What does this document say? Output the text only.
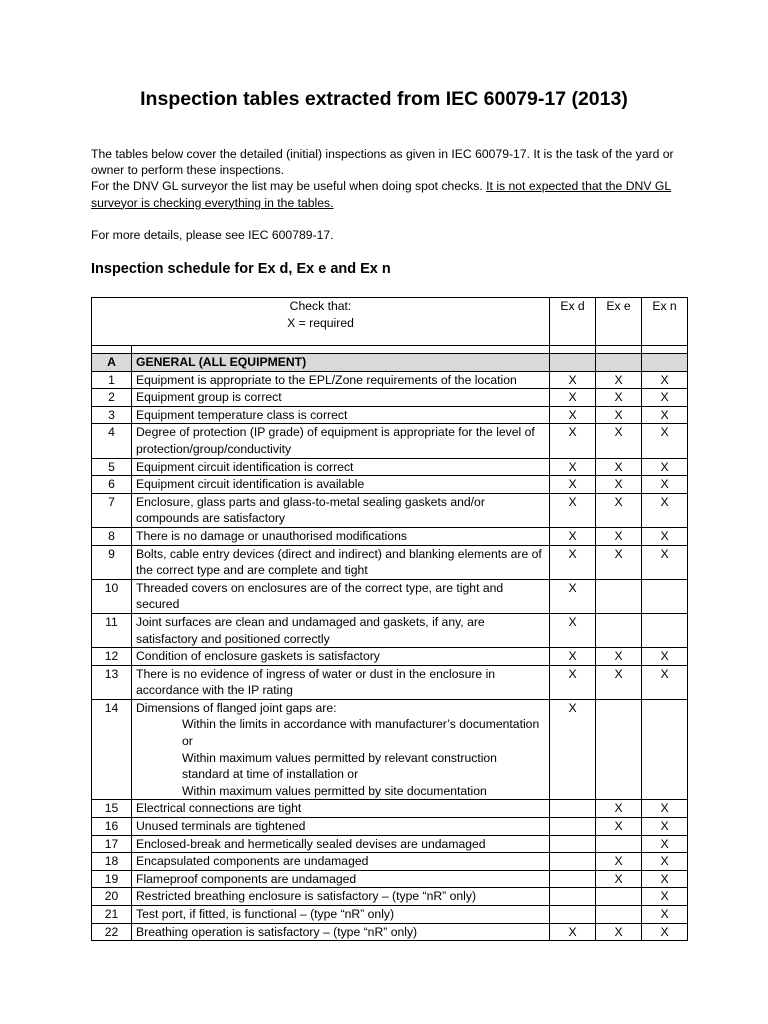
Inspection tables extracted from IEC 60079-17 (2013)

The tables below cover the detailed (initial) inspections as given in IEC 60079-17. It is the task of the yard or owner to perform these inspections.

For the DNV GL surveyor the list may be useful when doing spot checks. It is not expected that the DNV GL surveyor is checking everything in the tables.

For more details, please see IEC 600789-17.

Inspection schedule for Ex d, Ex e and Ex n
Check that:
X = required		Ex d	Ex e	Ex n

A	GENERAL (ALL EQUIPMENT)			
1	Equipment is appropriate to the EPL/Zone requirements of the location	X	X	X
2	Equipment group is correct	X	X	X
3	Equipment temperature class is correct	X	X	X
4	Degree of protection (IP grade) of equipment is appropriate for the level of protection/group/conductivity	X	X	X
5	Equipment circuit identification is correct	X	X	X
6	Equipment circuit identification is available	X	X	X
7	Enclosure, glass parts and glass-to-metal sealing gaskets and/or compounds are satisfactory	X	X	X
8	There is no damage or unauthorised modifications	X	X	X
9	Bolts, cable entry devices (direct and indirect) and blanking elements are of the correct type and are complete and tight	X	X	X
10	Threaded covers on enclosures are of the correct type, are tight and secured	X		
11	Joint surfaces are clean and undamaged and gaskets, if any, are satisfactory and positioned correctly	X		
12	Condition of enclosure gaskets is satisfactory	X	X	X
13	There is no evidence of ingress of water or dust in the enclosure in accordance with the IP rating	X	X	X
14	Dimensions of flanged joint gaps are:
Within the limits in accordance with manufacturer’s documentation or
Within maximum values permitted by relevant construction standard at time of installation or
Within maximum values permitted by site documentation	X		
15	Electrical connections are tight		X	X
16	Unused terminals are tightened		X	X
17	Enclosed-break and hermetically sealed devises are undamaged			X
18	Encapsulated components are undamaged		X	X
19	Flameproof components are undamaged		X	X
20	Restricted breathing enclosure is satisfactory – (type “nR” only)			X
21	Test port, if fitted, is functional – (type “nR” only)			X
22	Breathing operation is satisfactory – (type “nR” only)	X	X	X
